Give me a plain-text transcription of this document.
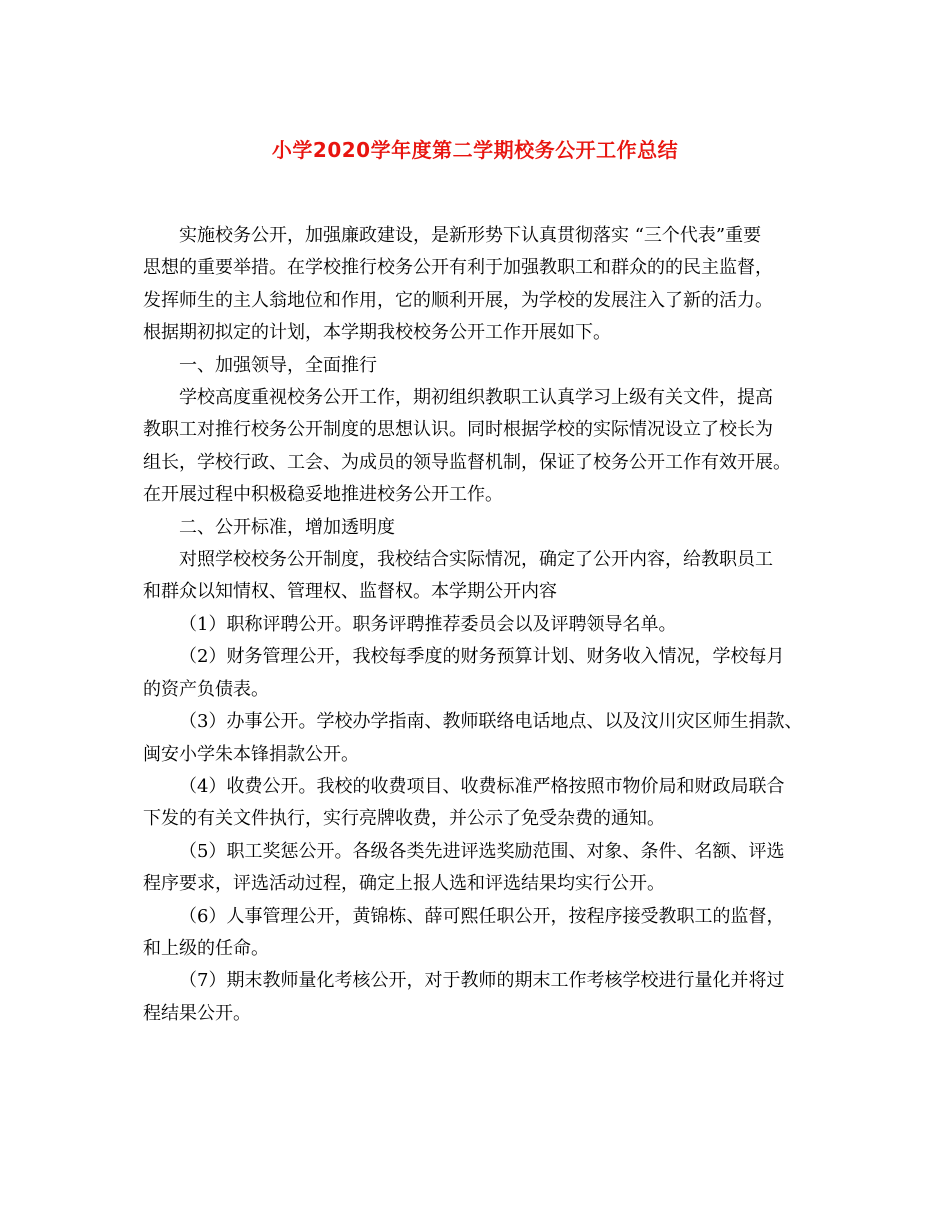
小学2020学年度第二学期校务公开工作总结
实施校务公开，加强廉政建设，是新形势下认真贯彻落实 “三个代表”重要
思想的重要举措。在学校推行校务公开有利于加强教职工和群众的的民主监督，
发挥师生的主人翁地位和作用，它的顺利开展，为学校的发展注入了新的活力。
根据期初拟定的计划，本学期我校校务公开工作开展如下。
一、加强领导，全面推行
学校高度重视校务公开工作，期初组织教职工认真学习上级有关文件，提高
教职工对推行校务公开制度的思想认识。同时根据学校的实际情况设立了校长为
组长，学校行政、工会、为成员的领导监督机制，保证了校务公开工作有效开展。
在开展过程中积极稳妥地推进校务公开工作。
二、公开标准，增加透明度
对照学校校务公开制度，我校结合实际情况，确定了公开内容，给教职员工
和群众以知情权、管理权、监督权。本学期公开内容
（1）职称评聘公开。职务评聘推荐委员会以及评聘领导名单。
（2）财务管理公开，我校每季度的财务预算计划、财务收入情况，学校每月
的资产负债表。
（3）办事公开。学校办学指南、教师联络电话地点、以及汶川灾区师生捐款、
闽安小学朱本锋捐款公开。
（4）收费公开。我校的收费项目、收费标准严格按照市物价局和财政局联合
下发的有关文件执行，实行亮牌收费，并公示了免受杂费的通知。
（5）职工奖惩公开。各级各类先进评选奖励范围、对象、条件、名额、评选
程序要求，评选活动过程，确定上报人选和评选结果均实行公开。
（6）人事管理公开，黄锦栋、薛可熙任职公开，按程序接受教职工的监督，
和上级的任命。
（7）期末教师量化考核公开，对于教师的期末工作考核学校进行量化并将过
程结果公开。
